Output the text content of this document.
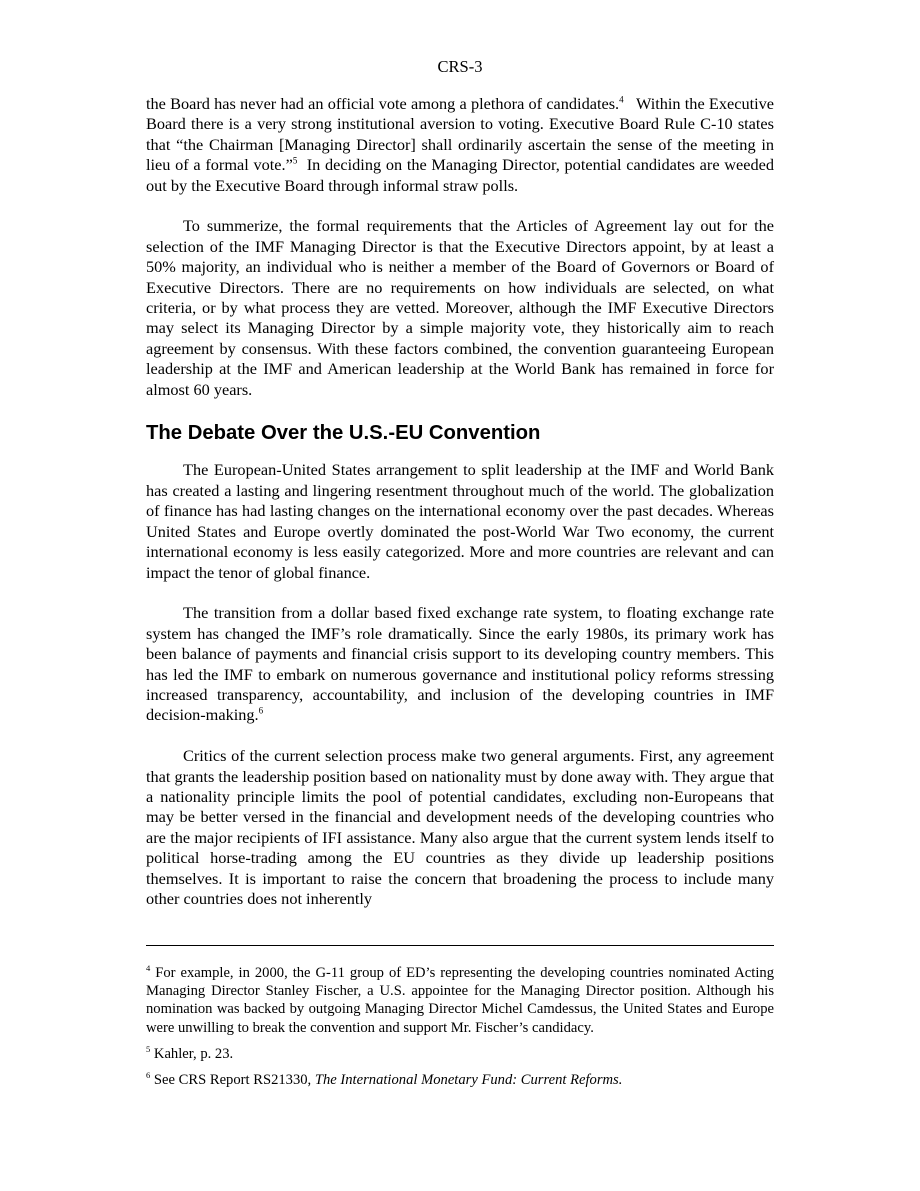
CRS-3

the Board has never had an official vote among a plethora of candidates.$^4$   Within the Executive Board there is a very strong institutional aversion to voting. Executive Board Rule C-10 states that “the Chairman [Managing Director] shall ordinarily ascertain the sense of the meeting in lieu of a formal vote.”$^5$  In deciding on the Managing Director, potential candidates are weeded out by the Executive Board through informal straw polls.

To summerize, the formal requirements that the Articles of Agreement lay out for the selection of the IMF Managing Director is that the Executive Directors appoint, by at least a 50% majority, an individual who is neither a member of the Board of Governors or Board of Executive Directors. There are no requirements on how individuals are selected, on what criteria, or by what process they are vetted. Moreover, although the IMF Executive Directors may select its Managing Director by a simple majority vote, they historically aim to reach agreement by consensus. With these factors combined, the convention guaranteeing European leadership at the IMF and American leadership at the World Bank has remained in force for almost 60 years.

The Debate Over the U.S.-EU Convention

The European-United States arrangement to split leadership at the IMF and World Bank has created a lasting and lingering resentment throughout much of the world. The globalization of finance has had lasting changes on the international economy over the past decades. Whereas United States and Europe overtly dominated the post-World War Two economy, the current international economy is less easily categorized. More and more countries are relevant and can impact the tenor of global finance.

The transition from a dollar based fixed exchange rate system, to floating exchange rate system has changed the IMF’s role dramatically. Since the early 1980s, its primary work has been balance of payments and financial crisis support to its developing country members. This has led the IMF to embark on numerous governance and institutional policy reforms stressing increased transparency, accountability, and inclusion of the developing countries in IMF decision-making.$^6$

Critics of the current selection process make two general arguments. First, any agreement that grants the leadership position based on nationality must by done away with. They argue that a nationality principle limits the pool of potential candidates, excluding non-Europeans that may be better versed in the financial and development needs of the developing countries who are the major recipients of IFI assistance. Many also argue that the current system lends itself to political horse-trading among the EU countries as they divide up leadership positions themselves. It is important to raise the concern that broadening the process to include many other countries does not inherently

$^4$ For example, in 2000, the G-11 group of ED’s representing the developing countries nominated Acting Managing Director Stanley Fischer, a U.S. appointee for the Managing Director position. Although his nomination was backed by outgoing Managing Director Michel Camdessus, the United States and Europe were unwilling to break the convention and support Mr. Fischer’s candidacy.

$^5$ Kahler, p. 23.

$^6$ See CRS Report RS21330, The International Monetary Fund: Current Reforms.
